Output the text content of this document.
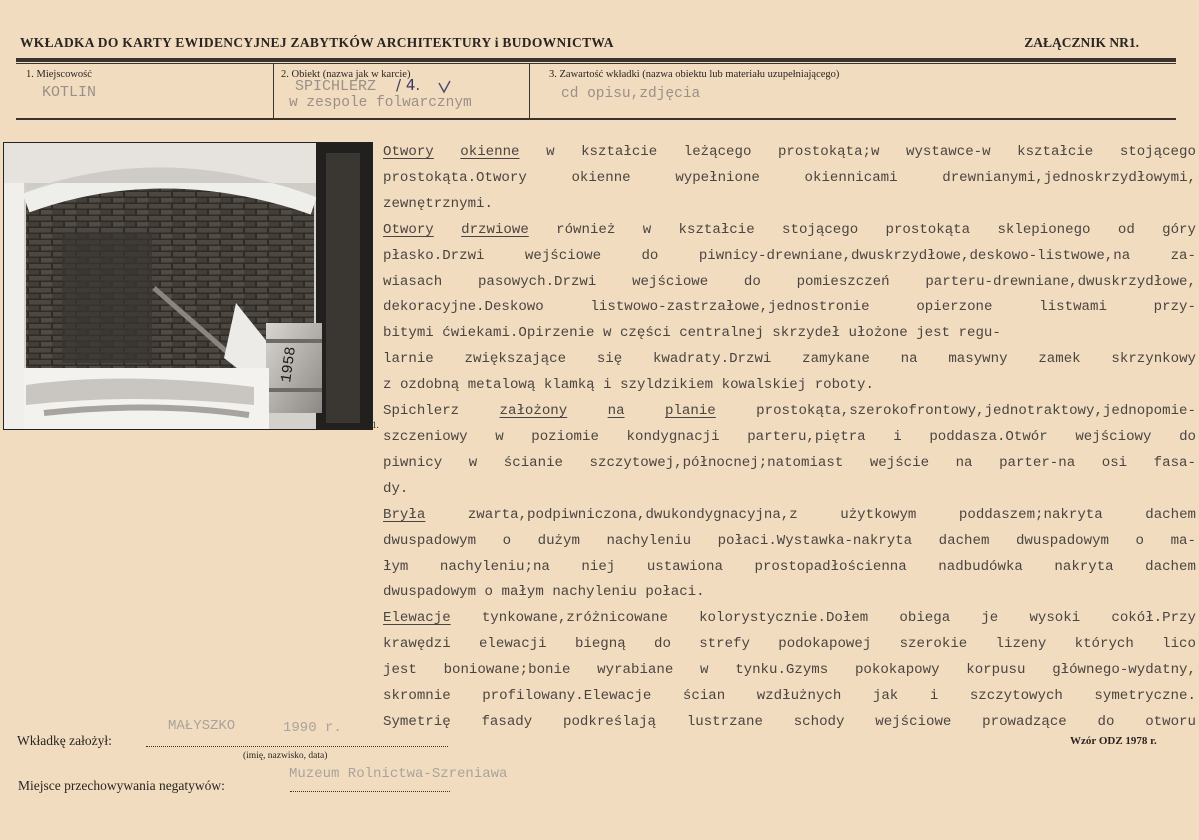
WKŁADKA DO KARTY EWIDENCYJNEJ ZABYTKÓW ARCHITEKTURY i BUDOWNICTWA	ZAŁĄCZNIK NR1.
1. Miejscowość
KOTLIN
2. Obiekt (nazwa jak w karcie)
SPICHLERZ / 4.
w zespole folwarcznym
3. Zawartość wkładki (nazwa obiektu lub materiału uzupełniającego)
cd opisu,zdjęcia
1958
1.
Otwory okienne w kształcie leżącego prostokąta;w wystawce-w kształcie stojącego
prostokąta.Otwory	okienne	wypełnione	okiennicami	drewnianymi,jednoskrzydłowymi,
zewnętrznymi.
Otwory drzwiowe również w kształcie stojącego prostokąta sklepionego od góry
płasko.Drzwi	wejściowe	do	piwnicy-drewniane,dwuskrzydłowe,deskowo-listwowe,na	za-
wiasach	pasowych.Drzwi	wejściowe	do	pomieszczeń	parteru-drewniane,dwuskrzydłowe,
dekoracyjne.Deskowo	listwowo-zastrzałowe,jednostronie	opierzone	listwami	przy-
bitymi ćwiekami.Opirzenie w części centralnej skrzydeł ułożone jest regu-
larnie zwiększające się kwadraty.Drzwi zamykane na masywny zamek skrzynkowy
z ozdobną metalową klamką i szyldzikiem kowalskiej roboty.
Spichlerz	założony	na	planie	prostokąta,szerokofrontowy,jednotraktowy,jednopomie-
szczeniowy w poziomie kondygnacji parteru,piętra i poddasza.Otwór wejściowy do
piwnicy w ścianie szczytowej,północnej;natomiast wejście na parter-na osi fasa-
dy.
Bryła	zwarta,podpiwniczona,dwukondygnacyjna,z	użytkowym	poddaszem;nakryta	dachem
dwuspadowym o dużym nachyleniu połaci.Wystawka-nakryta dachem dwuspadowym o ma-
łym nachyleniu;na niej ustawiona prostopadłościenna nadbudówka nakryta dachem
dwuspadowym o małym nachyleniu połaci.
Elewacje tynkowane,zróżnicowane kolorystycznie.Dołem obiega je wysoki cokół.Przy
krawędzi elewacji biegną do strefy podokapowej szerokie lizeny których lico
jest boniowane;bonie wyrabiane w tynku.Gzyms pokokapowy korpusu głównego-wydatny,
skromnie profilowany.Elewacje ścian wzdłużnych jak i szczytowych symetryczne.
Symetrię fasady podkreślają lustrzane schody wejściowe prowadzące do otworu
Wkładkę założył:
MAŁYSZKO	1990 r.
(imię, nazwisko, data)
Miejsce przechowywania negatywów:
Muzeum Rolnictwa-Szreniawa
Wzór ODZ 1978 r.
